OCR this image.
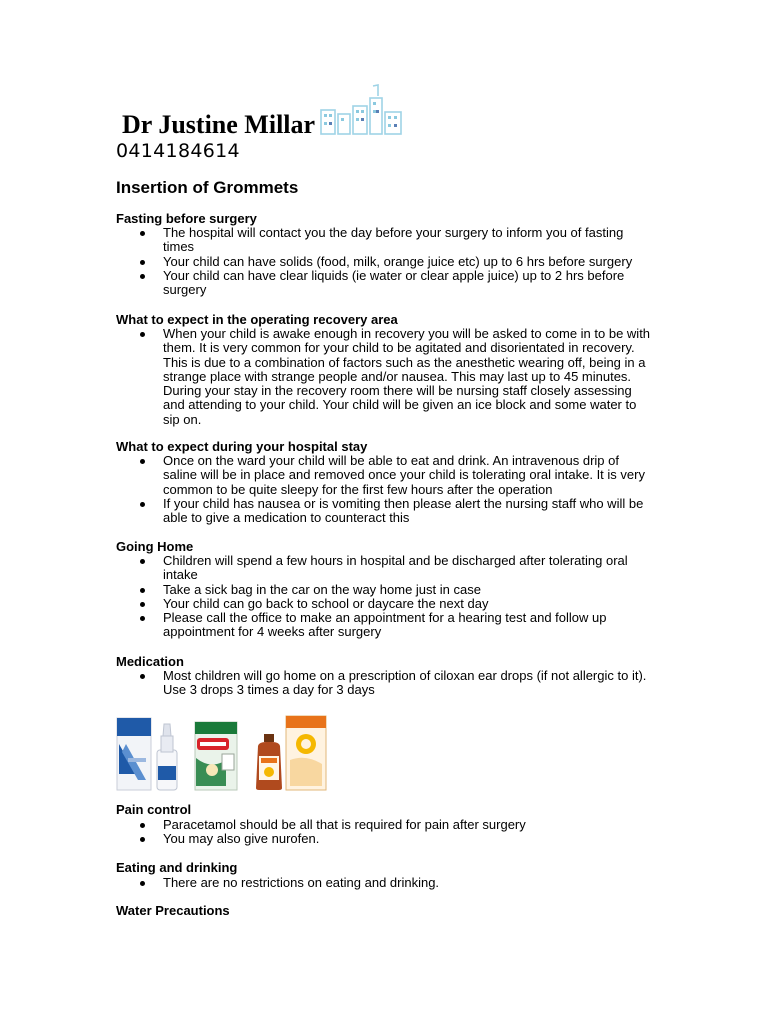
Dr Justine Millar
0414184614
Insertion of Grommets
Fasting before surgery
The hospital will contact you the day before your surgery to inform you of fasting times
Your child can have solids (food, milk, orange juice etc) up to 6 hrs before surgery
Your child can have clear liquids (ie water or clear apple juice) up to 2 hrs before surgery
What to expect in the operating recovery area
When your child is awake enough in recovery you will be asked to come in to be with them. It is very common for your child to be agitated and disorientated in recovery. This is due to a combination of factors such as the anesthetic wearing off, being in a strange place with strange people and/or nausea. This may last up to 45 minutes. During your stay in the recovery room there will be nursing staff closely assessing and attending to your child. Your child will be given an ice block and some water to sip on.
What to expect during your hospital stay
Once on the ward your child will be able to eat and drink. An intravenous drip of saline will be in place and removed once your child is tolerating oral intake. It is very common to be quite sleepy for the first few hours after the operation
If your child has nausea or is vomiting then please alert the nursing staff who will be able to give a medication to counteract this
Going Home
Children will spend a few hours in hospital and be discharged after tolerating oral intake
Take a sick bag in the car on the way home just in case
Your child can go back to school or daycare the next day
Please call the office to make an appointment for a hearing test and follow up appointment for 4 weeks after surgery
Medication
Most children will go home on a prescription of ciloxan ear drops (if not allergic to it). Use 3 drops 3 times a day for 3 days
Pain control
Paracetamol should be all that is required for pain after surgery
You may also give nurofen.
Eating and drinking
There are no restrictions on eating and drinking.
Water Precautions
